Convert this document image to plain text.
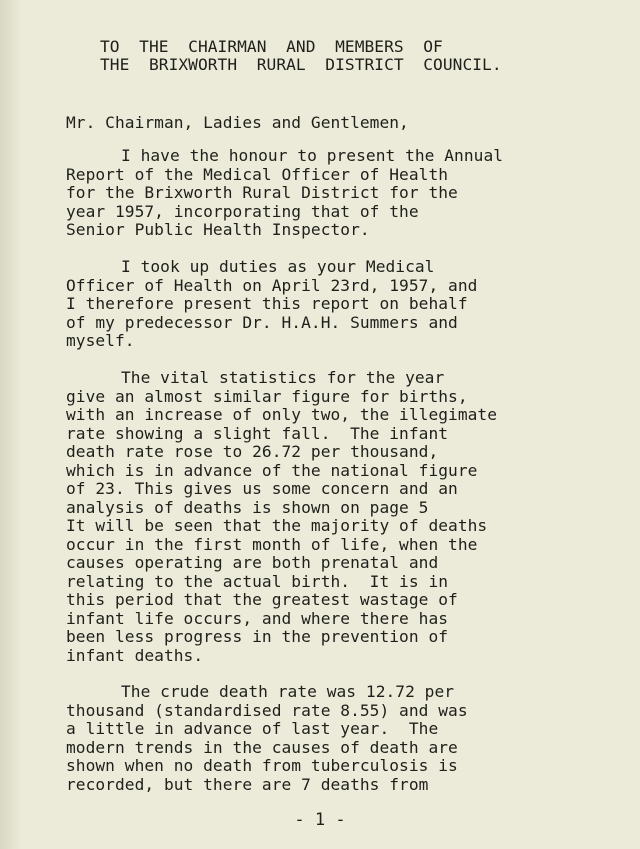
TO  THE  CHAIRMAN  AND  MEMBERS  OF
THE  BRIXWORTH  RURAL  DISTRICT  COUNCIL.
Mr. Chairman, Ladies and Gentlemen,
I have the honour to present the Annual
Report of the Medical Officer of Health
for the Brixworth Rural District for the
year 1957, incorporating that of the
Senior Public Health Inspector.
I took up duties as your Medical
Officer of Health on April 23rd, 1957, and
I therefore present this report on behalf
of my predecessor Dr. H.A.H. Summers and
myself.
The vital statistics for the year
give an almost similar figure for births,
with an increase of only two, the illegimate
rate showing a slight fall.  The infant
death rate rose to 26.72 per thousand,
which is in advance of the national figure
of 23. This gives us some concern and an
analysis of deaths is shown on page 5
It will be seen that the majority of deaths
occur in the first month of life, when the
causes operating are both prenatal and
relating to the actual birth.  It is in
this period that the greatest wastage of
infant life occurs, and where there has
been less progress in the prevention of
infant deaths.
The crude death rate was 12.72 per
thousand (standardised rate 8.55) and was
a little in advance of last year.  The
modern trends in the causes of death are
shown when no death from tuberculosis is
recorded, but there are 7 deaths from
- 1 -
